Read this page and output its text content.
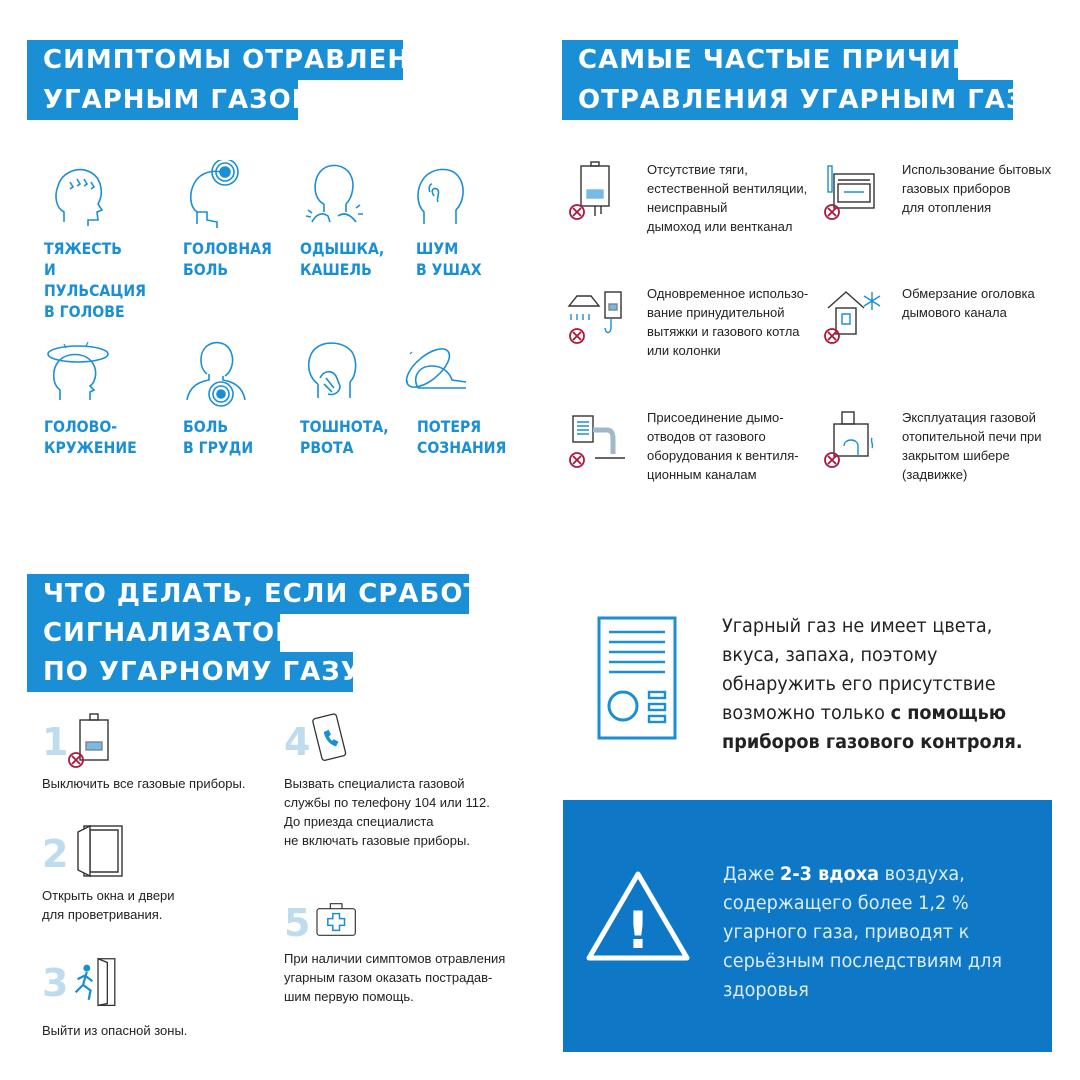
СИМПТОМЫ ОТРАВЛЕНИЯ
УГАРНЫМ ГАЗОМ
ТЯЖЕСТЬ
И ПУЛЬСАЦИЯ
В ГОЛОВЕ
ГОЛОВНАЯ
БОЛЬ
ОДЫШКА,
КАШЕЛЬ
ШУМ
В УШАХ
ГОЛОВО-
КРУЖЕНИЕ
БОЛЬ
В ГРУДИ
ТОШНОТА,
РВОТА
ПОТЕРЯ
СОЗНАНИЯ
САМЫЕ ЧАСТЫЕ ПРИЧИНЫ
ОТРАВЛЕНИЯ УГАРНЫМ ГАЗОМ
Отсутствие тяги,
естественной вентиляции,
неисправный
дымоход или вентканал
Использование бытовых
газовых приборов
для отопления
Одновременное использо-
вание принудительной
вытяжки и газового котла
или колонки
Обмерзание оголовка
дымового канала
Присоединение дымо-
отводов от газового
оборудования к вентиля-
ционным каналам
Эксплуатация газовой
отопительной печи при
закрытом шибере
(задвижке)
ЧТО ДЕЛАТЬ, ЕСЛИ СРАБОТАЛ
СИГНАЛИЗАТОР
ПО УГАРНОМУ ГАЗУ?
1
Выключить все газовые приборы.
2
Открыть окна и двери
для проветривания.
3
Выйти из опасной зоны.
4
Вызвать специалиста газовой
службы по телефону 104 или 112.
До приезда специалиста
не включать газовые приборы.
5
При наличии симптомов отравления
угарным газом оказать пострадав-
шим первую помощь.
Угарный газ не имеет цвета, вкуса, запаха, поэтому обнаружить его присутствие возможно только с помощью приборов газового контроля.
!
Даже 2-3 вдоха воздуха, содержащего более 1,2 % угарного газа, приводят к серьёзным последствиям для здоровья
